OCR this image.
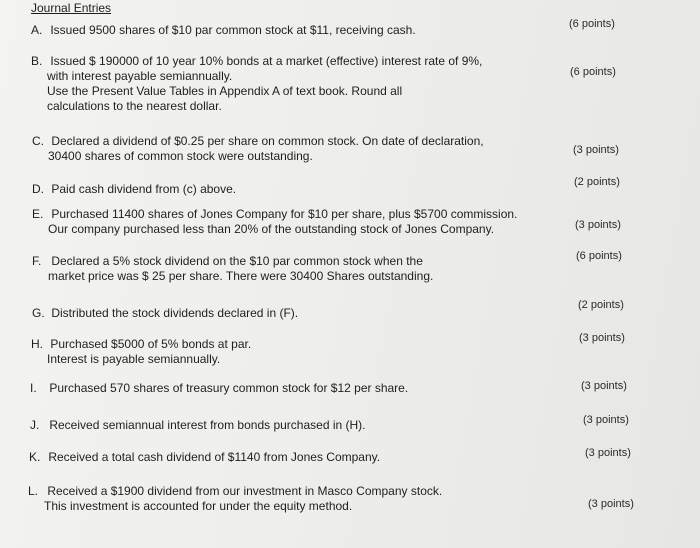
Journal Entries
A. Issued 9500 shares of $10 par common stock at $11, receiving cash.	(6 points)
B. Issued $ 190000 of 10 year 10% bonds at a market (effective) interest rate of 9%,
with interest payable semiannually.
Use the Present Value Tables in Appendix A of text book. Round all
calculations to the nearest dollar.
(6 points)
C. Declared a dividend of $0.25 per share on common stock. On date of declaration,
30400 shares of common stock were outstanding.	(3 points)
D. Paid cash dividend from (c) above.	(2 points)
E. Purchased 11400 shares of Jones Company for $10 per share, plus $5700 commission.
Our company purchased less than 20% of the outstanding stock of Jones Company.	(3 points)
F. Declared a 5% stock dividend on the $10 par common stock when the
market price was $ 25 per share. There were 30400 Shares outstanding.
(6 points)
G. Distributed the stock dividends declared in (F).
(2 points)
H. Purchased $5000 of 5% bonds at par.
Interest is payable semiannually.
(3 points)
I. Purchased 570 shares of treasury common stock for $12 per share.	(3 points)
J. Received semiannual interest from bonds purchased in (H).	(3 points)
K. Received a total cash dividend of $1140 from Jones Company.	(3 points)
L. Received a $1900 dividend from our investment in Masco Company stock.
This investment is accounted for under the equity method.	(3 points)
